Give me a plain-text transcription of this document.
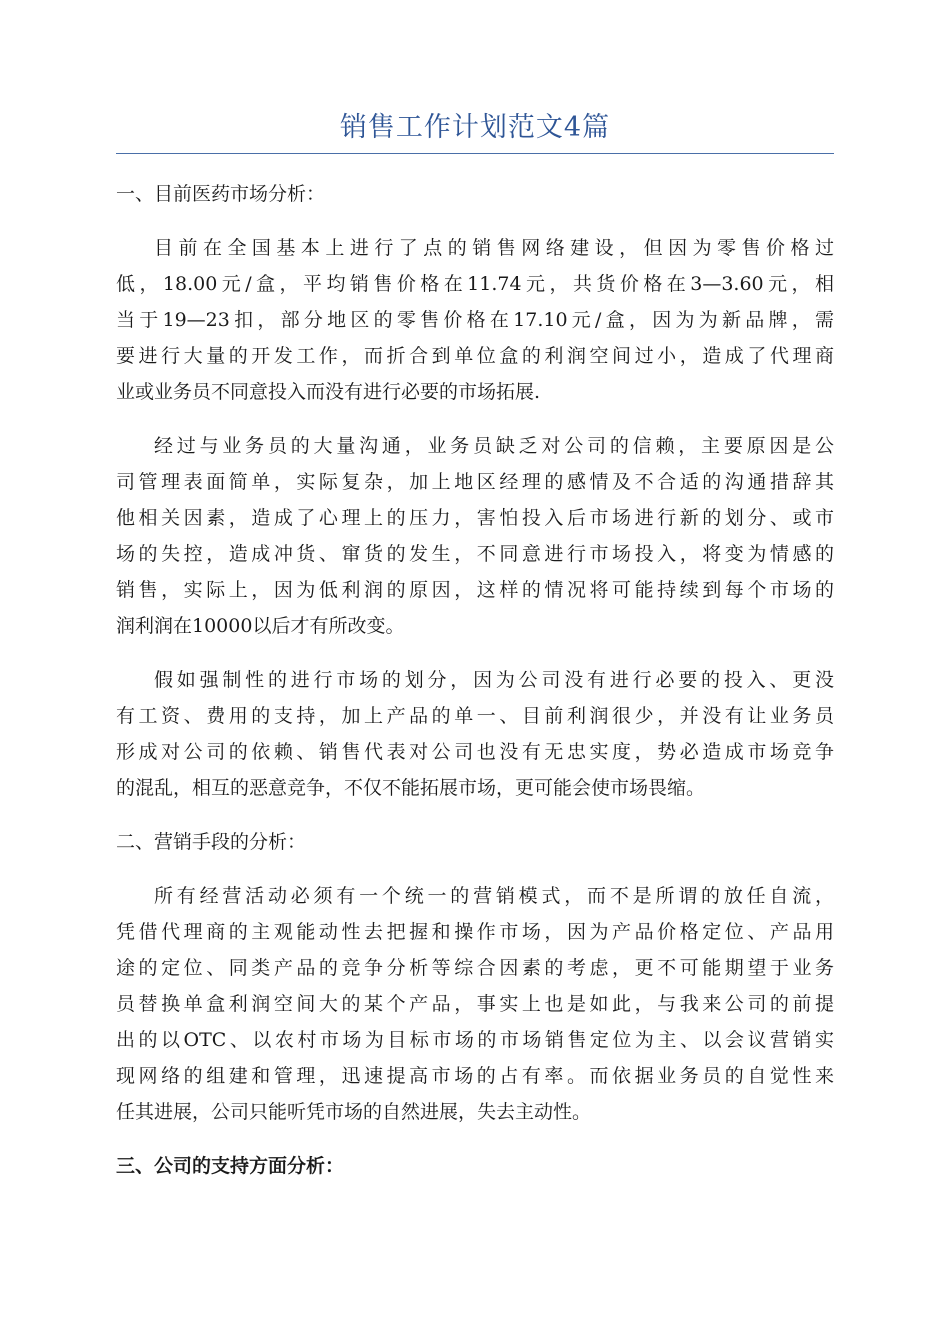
销售工作计划范文4篇
一、目前医药市场分析：
目前在全国基本上进行了点的销售网络建设，但因为零售价格过
低，18.00元/盒，平均销售价格在11.74元，共货价格在3—3.60元，相
当于19—23扣，部分地区的零售价格在17.10元/盒，因为为新品牌，需
要进行大量的开发工作，而折合到单位盒的利润空间过小，造成了代理商
业或业务员不同意投入而没有进行必要的市场拓展.
经过与业务员的大量沟通，业务员缺乏对公司的信赖，主要原因是公
司管理表面简单，实际复杂，加上地区经理的感情及不合适的沟通措辞其
他相关因素，造成了心理上的压力，害怕投入后市场进行新的划分、或市
场的失控，造成冲货、窜货的发生，不同意进行市场投入，将变为情感的
销售，实际上，因为低利润的原因，这样的情况将可能持续到每个市场的
润利润在10000以后才有所改变。
假如强制性的进行市场的划分，因为公司没有进行必要的投入、更没
有工资、费用的支持，加上产品的单一、目前利润很少，并没有让业务员
形成对公司的依赖、销售代表对公司也没有无忠实度，势必造成市场竞争
的混乱，相互的恶意竞争，不仅不能拓展市场，更可能会使市场畏缩。
二、营销手段的分析：
所有经营活动必须有一个统一的营销模式，而不是所谓的放任自流，
凭借代理商的主观能动性去把握和操作市场，因为产品价格定位、产品用
途的定位、同类产品的竞争分析等综合因素的考虑，更不可能期望于业务
员替换单盒利润空间大的某个产品，事实上也是如此，与我来公司的前提
出的以OTC、以农村市场为目标市场的市场销售定位为主、以会议营销实
现网络的组建和管理，迅速提高市场的占有率。而依据业务员的自觉性来
任其进展，公司只能听凭市场的自然进展，失去主动性。
三、公司的支持方面分析：
